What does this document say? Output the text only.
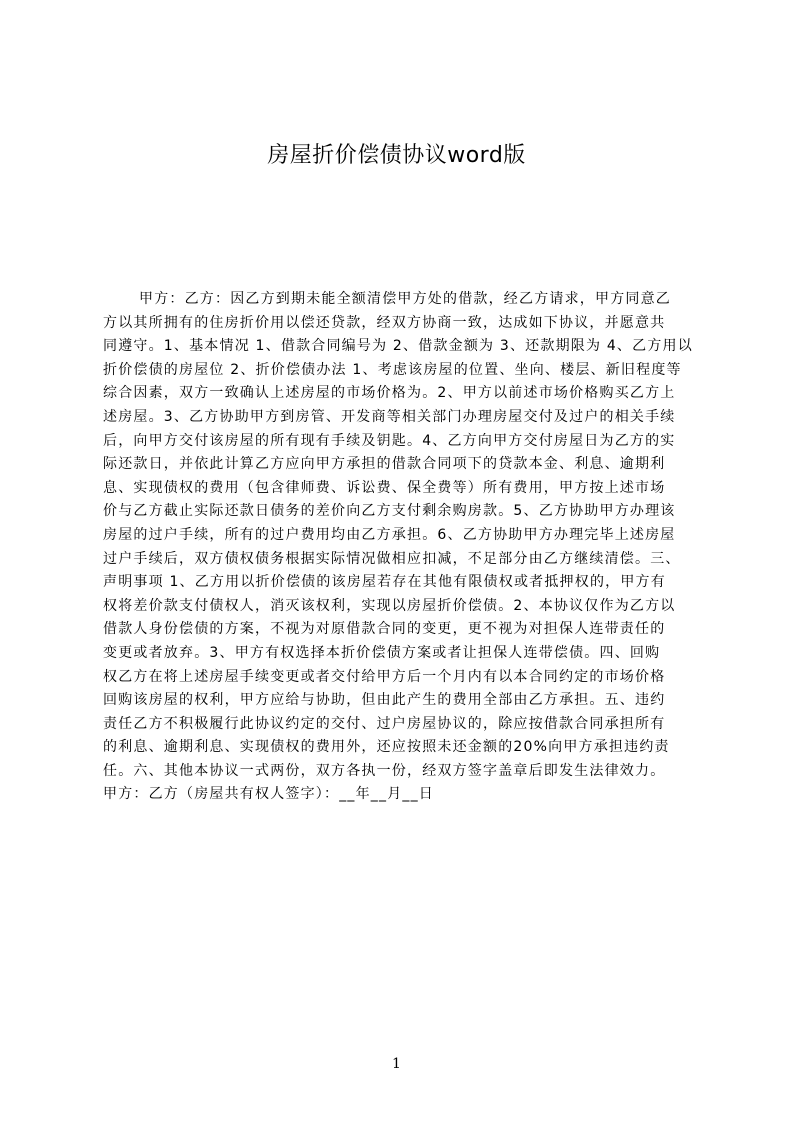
房屋折价偿债协议word版
甲方：乙方：因乙方到期未能全额清偿甲方处的借款，经乙方请求，甲方同意乙
方以其所拥有的住房折价用以偿还贷款，经双方协商一致，达成如下协议，并愿意共
同遵守。1、基本情况 1、借款合同编号为 2、借款金额为 3、还款期限为 4、乙方用以
折价偿债的房屋位 2、折价偿债办法 1、考虑该房屋的位置、坐向、楼层、新旧程度等
综合因素，双方一致确认上述房屋的市场价格为。2、甲方以前述市场价格购买乙方上
述房屋。3、乙方协助甲方到房管、开发商等相关部门办理房屋交付及过户的相关手续
后，向甲方交付该房屋的所有现有手续及钥匙。4、乙方向甲方交付房屋日为乙方的实
际还款日，并依此计算乙方应向甲方承担的借款合同项下的贷款本金、利息、逾期利
息、实现债权的费用（包含律师费、诉讼费、保全费等）所有费用，甲方按上述市场
价与乙方截止实际还款日债务的差价向乙方支付剩余购房款。5、乙方协助甲方办理该
房屋的过户手续，所有的过户费用均由乙方承担。6、乙方协助甲方办理完毕上述房屋
过户手续后，双方债权债务根据实际情况做相应扣减，不足部分由乙方继续清偿。三、
声明事项 1、乙方用以折价偿债的该房屋若存在其他有限债权或者抵押权的，甲方有
权将差价款支付债权人，消灭该权利，实现以房屋折价偿债。2、本协议仅作为乙方以
借款人身份偿债的方案，不视为对原借款合同的变更，更不视为对担保人连带责任的
变更或者放弃。3、甲方有权选择本折价偿债方案或者让担保人连带偿债。四、回购
权乙方在将上述房屋手续变更或者交付给甲方后一个月内有以本合同约定的市场价格
回购该房屋的权利，甲方应给与协助，但由此产生的费用全部由乙方承担。五、违约
责任乙方不积极履行此协议约定的交付、过户房屋协议的，除应按借款合同承担所有
的利息、逾期利息、实现债权的费用外，还应按照未还金额的20%向甲方承担违约责
任。六、其他本协议一式两份，双方各执一份，经双方签字盖章后即发生法律效力。
甲方：乙方（房屋共有权人签字）：__年__月__日
1
